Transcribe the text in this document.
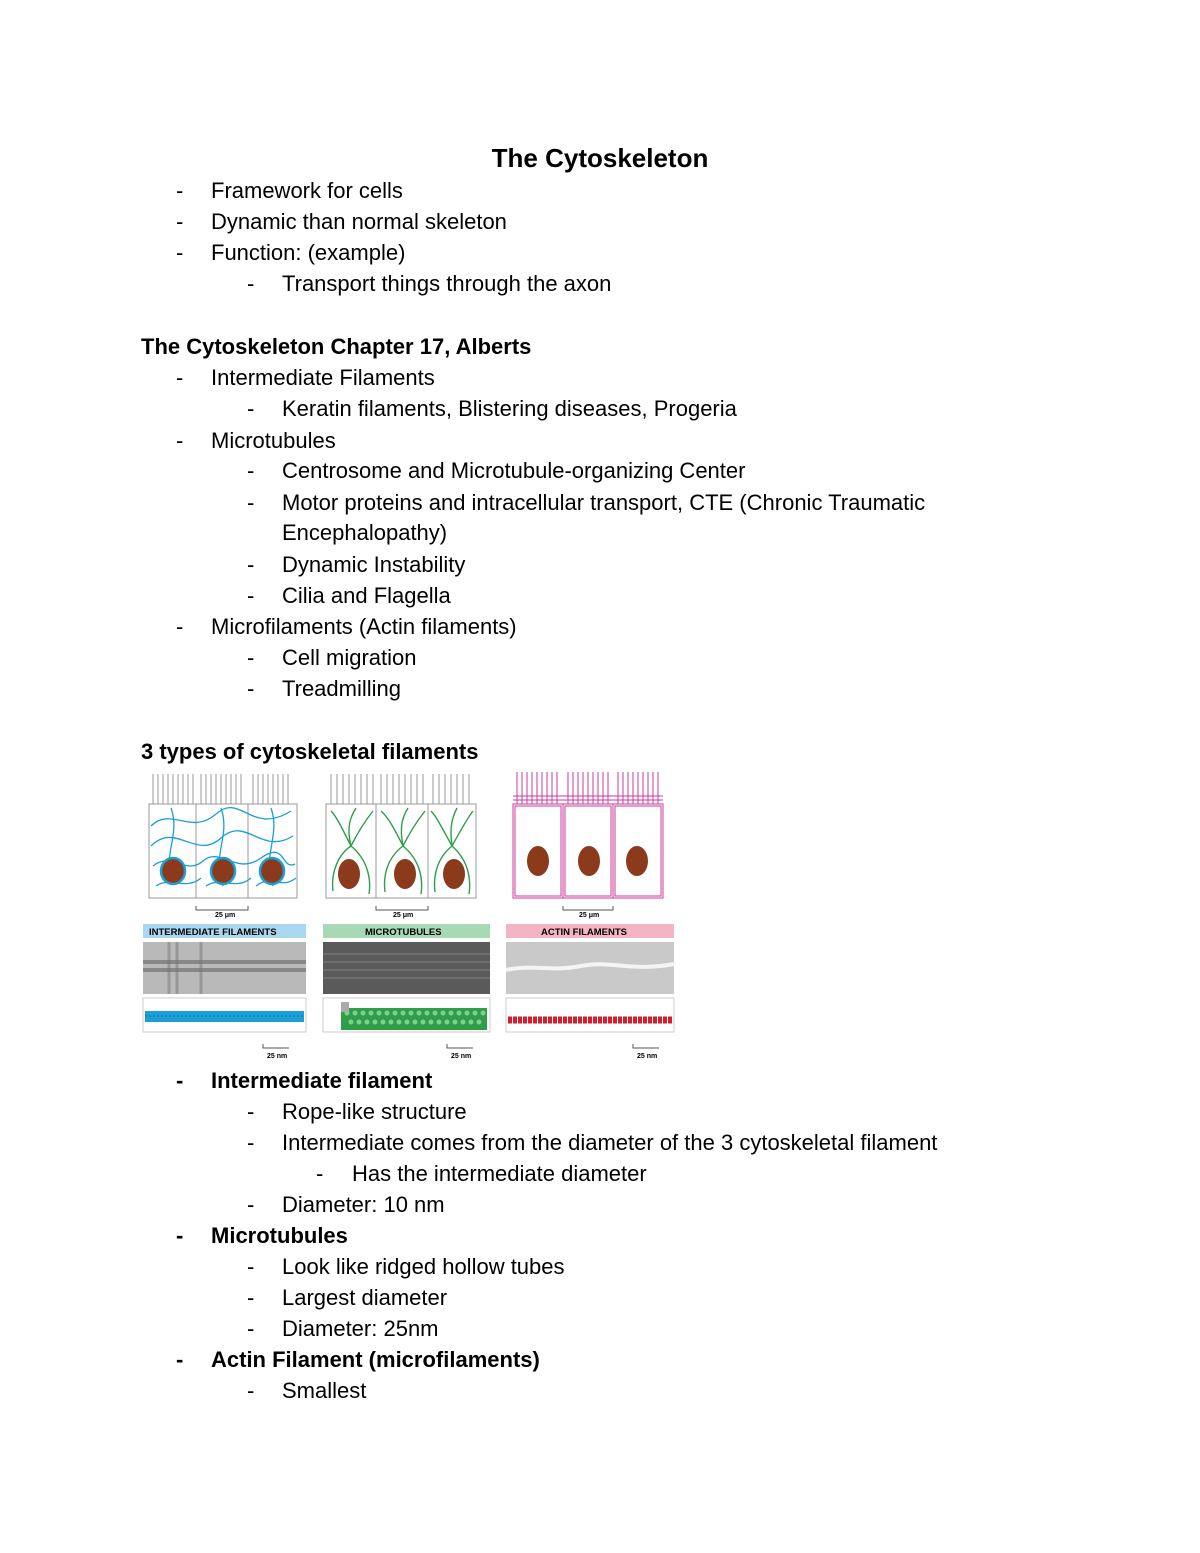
The Cytoskeleton
- Framework for cells
- Dynamic than normal skeleton
- Function: (example)
- Transport things through the axon
The Cytoskeleton Chapter 17, Alberts
- Intermediate Filaments
- Keratin filaments, Blistering diseases, Progeria
- Microtubules
- Centrosome and Microtubule-organizing Center
- Motor proteins and intracellular transport, CTE (Chronic Traumatic
Encephalopathy)
- Dynamic Instability
- Cilia and Flagella
- Microfilaments (Actin filaments)
- Cell migration
- Treadmilling
3 types of cytoskeletal filaments
25 μm	25 μm	25 μm
INTERMEDIATE FILAMENTS	MICROTUBULES	ACTIN FILAMENTS
25 nm	25 nm	25 nm
- Intermediate filament
- Rope-like structure
- Intermediate comes from the diameter of the 3 cytoskeletal filament
- Has the intermediate diameter
- Diameter: 10 nm
- Microtubules
- Look like ridged hollow tubes
- Largest diameter
- Diameter: 25nm
- Actin Filament (microfilaments)
- Smallest
